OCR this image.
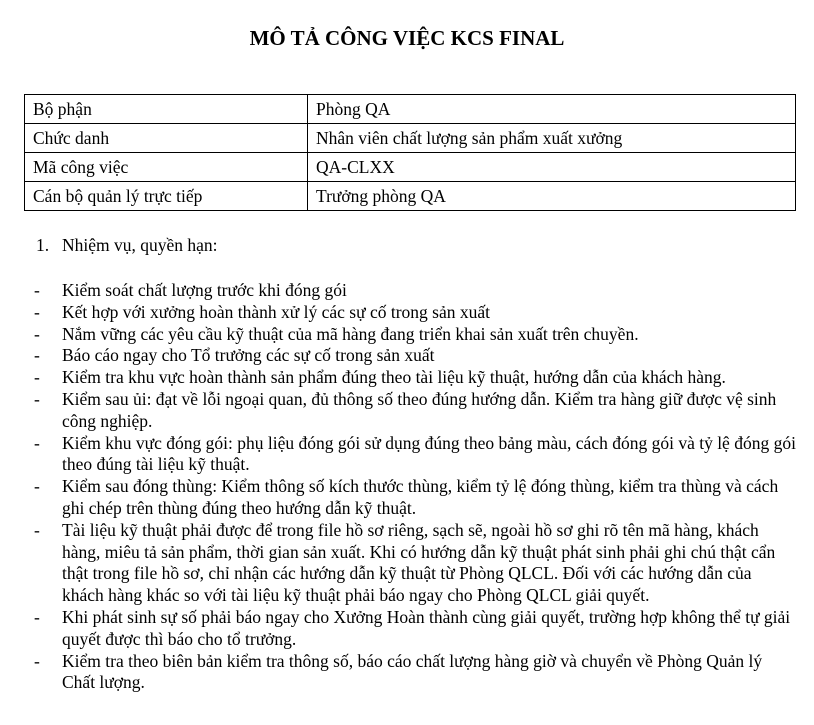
MÔ TẢ CÔNG VIỆC KCS FINAL
Bộ phận	Phòng QA
Chức danh	Nhân viên chất lượng sản phẩm xuất xưởng
Mã công việc	QA-CLXX
Cán bộ quản lý trực tiếp	Trưởng phòng QA
1. Nhiệm vụ, quyền hạn:
- Kiểm soát chất lượng trước khi đóng gói
- Kết hợp với xưởng hoàn thành xử lý các sự cố trong sản xuất
- Nắm vững các yêu cầu kỹ thuật của mã hàng đang triển khai sản xuất trên chuyền.
- Báo cáo ngay cho Tổ trưởng các sự cố trong sản xuất
- Kiểm tra khu vực hoàn thành sản phẩm đúng theo tài liệu kỹ thuật, hướng dẫn của khách hàng.
- Kiểm sau ủi: đạt về lỗi ngoại quan, đủ thông số theo đúng hướng dẫn. Kiểm tra hàng giữ được vệ sinh công nghiệp.
- Kiểm khu vực đóng gói: phụ liệu đóng gói sử dụng đúng theo bảng màu, cách đóng gói và tỷ lệ đóng gói theo đúng tài liệu kỹ thuật.
- Kiểm sau đóng thùng: Kiểm thông số kích thước thùng, kiểm tỷ lệ đóng thùng, kiểm tra thùng và cách ghi chép trên thùng đúng theo hướng dẫn kỹ thuật.
- Tài liệu kỹ thuật phải được để trong file hồ sơ riêng, sạch sẽ, ngoài hồ sơ ghi rõ tên mã hàng, khách hàng, miêu tả sản phẩm, thời gian sản xuất. Khi có hướng dẫn kỹ thuật phát sinh phải ghi chú thật cẩn thật trong file hồ sơ, chỉ nhận các hướng dẫn kỹ thuật từ Phòng QLCL. Đối với các hướng dẫn của khách hàng khác so với tài liệu kỹ thuật phải báo ngay cho Phòng QLCL giải quyết.
- Khi phát sinh sự số phải báo ngay cho Xưởng Hoàn thành cùng giải quyết, trường hợp không thể tự giải quyết được thì báo cho tổ trưởng.
- Kiểm tra theo biên bản kiểm tra thông số, báo cáo chất lượng hàng giờ và chuyển về Phòng Quản lý Chất lượng.
